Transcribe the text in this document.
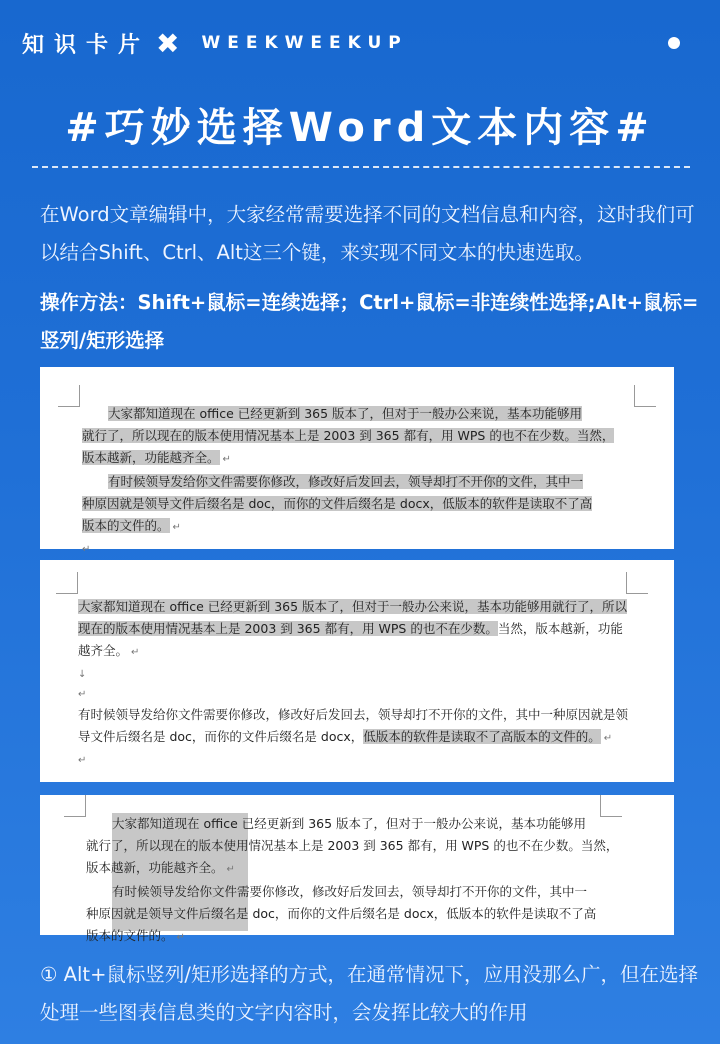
知识卡片 ✖ WEEKWEEKUP
#巧妙选择Word文本内容#
在Word文章编辑中，大家经常需要选择不同的文档信息和内容，这时我们可以结合Shift、Ctrl、Alt这三个键，来实现不同文本的快速选取。
操作方法：Shift+鼠标=连续选择；Ctrl+鼠标=非连续性选择;Alt+鼠标=竖列/矩形选择

大家都知道现在 office 已经更新到 365 版本了，但对于一般办公来说，基本功能够用

就行了，所以现在的版本使用情况基本上是 2003 到 365 都有，用 WPS 的也不在少数。当然，

版本越新，功能越齐全。 ↵

有时候领导发给你文件需要你修改，修改好后发回去，领导却打不开你的文件，其中一

种原因就是领导文件后缀名是 doc，而你的文件后缀名是 docx，低版本的软件是读取不了高

版本的文件的。 ↵

↵

大家都知道现在 office 已经更新到 365 版本了，但对于一般办公来说，基本功能够用就行了，所以现在的版本使用情况基本上是 2003 到 365 都有，用 WPS 的也不在少数。当然，版本越新，功能越齐全。 ↵

↓

↵

有时候领导发给你文件需要你修改，修改好后发回去，领导却打不开你的文件，其中一种原因就是领导文件后缀名是 doc，而你的文件后缀名是 docx，低版本的软件是读取不了高版本的文件的。 ↵

↵

大家都知道现在 office 已经更新到 365 版本了，但对于一般办公来说，基本功能够用

就行了，所以现在的版本使用情况基本上是 2003 到 365 都有，用 WPS 的也不在少数。当然，

版本越新，功能越齐全。 ↵

有时候领导发给你文件需要你修改，修改好后发回去，领导却打不开你的文件，其中一

种原因就是领导文件后缀名是 doc，而你的文件后缀名是 docx，低版本的软件是读取不了高

版本的文件的。 ↵

① Alt+鼠标竖列/矩形选择的方式，在通常情况下，应用没那么广，但在选择处理一些图表信息类的文字内容时，会发挥比较大的作用
